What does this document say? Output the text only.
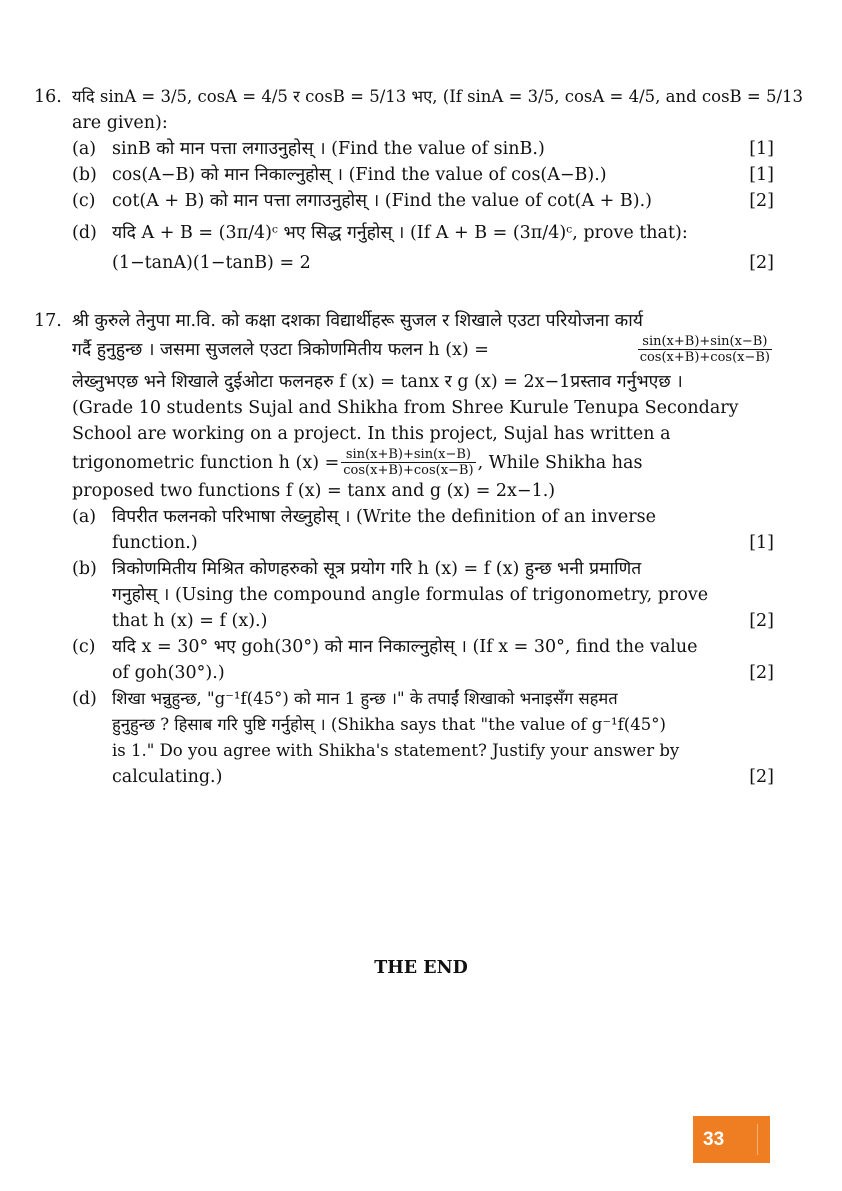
16. यदि sinA = 3/5, cosA = 4/5 र cosB = 5/13 भए, (If sinA = 3/5, cosA = 4/5, and cosB = 5/13
are given):
(a) sinB को मान पत्ता लगाउनुहोस् । (Find the value of sinB.)	[1]
(b) cos(A−B) को मान निकाल्नुहोस् । (Find the value of cos(A−B).)	[1]
(c) cot(A + B) को मान पत्ता लगाउनुहोस् । (Find the value of cot(A + B).)	[2]
(d) यदि A + B = (3π/4)ᶜ भए सिद्ध गर्नुहोस् । (If A + B = (3π/4)ᶜ, prove that):
(1−tanA)(1−tanB) = 2	[2]
17. श्री कुरुले तेनुपा मा.वि. को कक्षा दशका विद्यार्थीहरू सुजल र शिखाले एउटा परियोजना कार्य
गर्दै हुनुहुन्छ । जसमा सुजलले एउटा त्रिकोणमितीय फलन h (x) =	$\frac{\sin(x+B)+\sin(x-B)}{\cos(x+B)+\cos(x-B)}$
लेख्नुभएछ भने शिखाले दुईओटा फलनहरु f (x) = tanx र g (x) = 2x−1प्रस्ताव गर्नुभएछ ।
(Grade 10 students Sujal and Shikha from Shree Kurule Tenupa Secondary
School are working on a project. In this project, Sujal has written a
trigonometric function h $(x) = \frac{\sin(x+B)+\sin(x-B)}{\cos(x+B)+\cos(x-B)}$ , While Shikha has
proposed two functions f (x) = tanx and g (x) = 2x−1.)
(a) विपरीत फलनको परिभाषा लेख्नुहोस् । (Write the definition of an inverse
function.)	[1]
(b) त्रिकोणमितीय मिश्रित कोणहरुको सूत्र प्रयोग गरि h (x) = f (x) हुन्छ भनी प्रमाणित
गनुहोस् । (Using the compound angle formulas of trigonometry, prove
that h (x) = f (x).)	[2]
(c) यदि x = 30° भए goh(30°) को मान निकाल्नुहोस् । (If x = 30°, find the value
of goh(30°).)	[2]
(d) शिखा भन्नुहुन्छ, "g⁻¹f(45°) को मान 1 हुन्छ ।" के तपाईं शिखाको भनाइसँग सहमत
हुनुहुन्छ ? हिसाब गरि पुष्टि गर्नुहोस् । (Shikha says that "the value of g⁻¹f(45°)
is 1." Do you agree with Shikha's statement? Justify your answer by
calculating.)	[2]
THE END
33
